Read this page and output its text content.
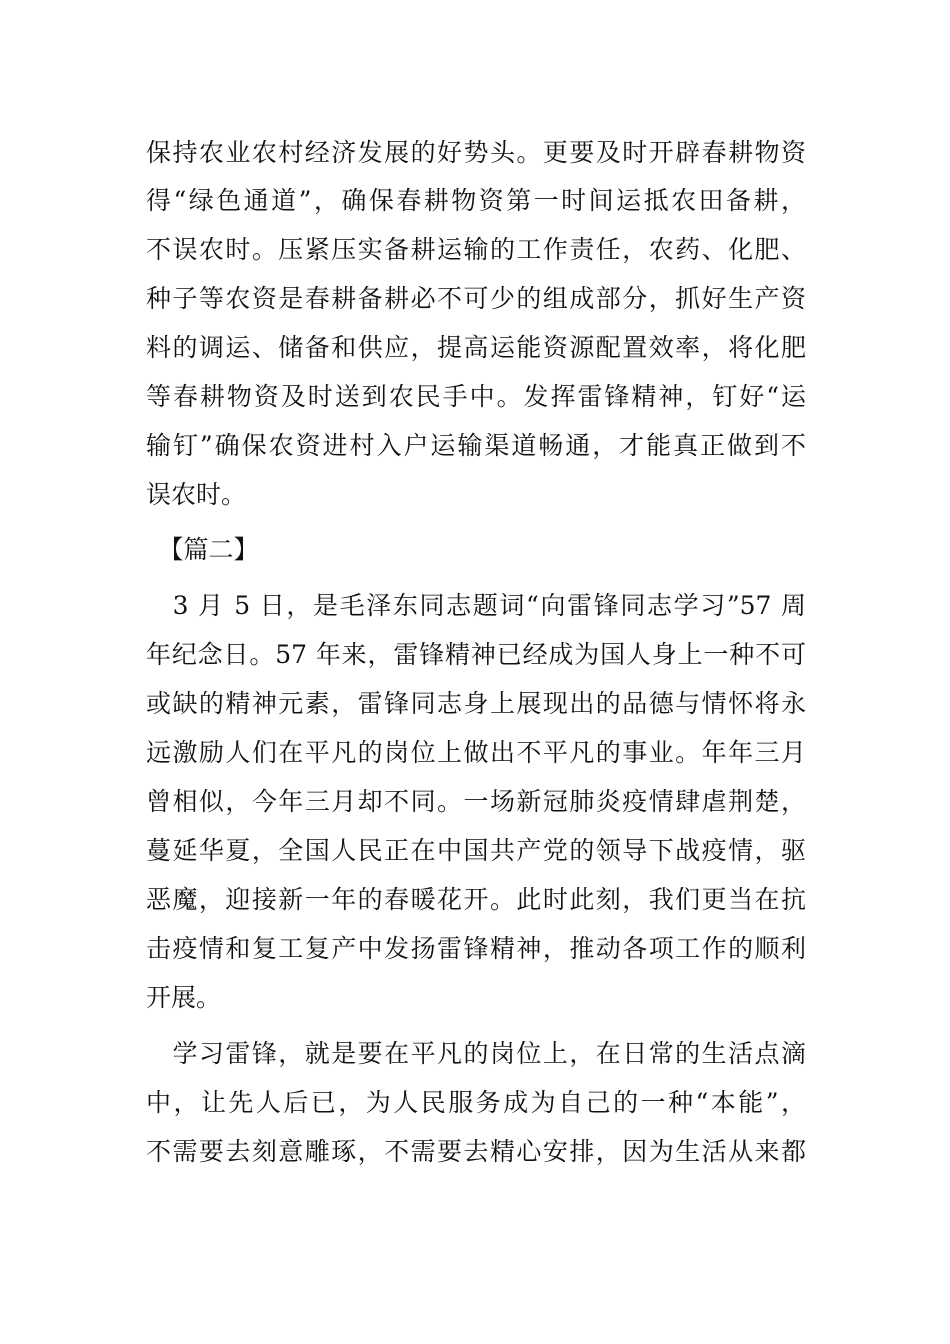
保持农业农村经济发展的好势头。更要及时开辟春耕物资
得“绿色通道”，确保春耕物资第一时间运抵农田备耕，
不误农时。压紧压实备耕运输的工作责任，农药、化肥、
种子等农资是春耕备耕必不可少的组成部分，抓好生产资
料的调运、储备和供应，提高运能资源配置效率，将化肥
等春耕物资及时送到农民手中。发挥雷锋精神，钉好“运
输钉”确保农资进村入户运输渠道畅通，才能真正做到不
误农时。
　【篇二】
　3 月 5 日，是毛泽东同志题词“向雷锋同志学习”57 周
年纪念日。57 年来，雷锋精神已经成为国人身上一种不可
或缺的精神元素，雷锋同志身上展现出的品德与情怀将永
远激励人们在平凡的岗位上做出不平凡的事业。年年三月
曾相似，今年三月却不同。一场新冠肺炎疫情肆虐荆楚，
蔓延华夏，全国人民正在中国共产党的领导下战疫情，驱
恶魔，迎接新一年的春暖花开。此时此刻，我们更当在抗
击疫情和复工复产中发扬雷锋精神，推动各项工作的顺利
开展。
　学习雷锋，就是要在平凡的岗位上，在日常的生活点滴
中，让先人后已，为人民服务成为自己的一种“本能”，
不需要去刻意雕琢，不需要去精心安排，因为生活从来都
